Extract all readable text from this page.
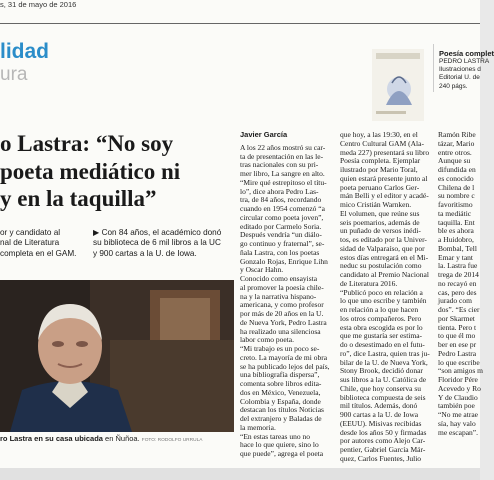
s, 31 de mayo de 2016
lidad
ura
Poesía complet
PEDRO LASTRA
Ilustraciones d
Editorial U. de
240 págs.
o Lastra: “No soy
poeta mediático ni
y en la taquilla”
or y candidato al
nal de Literatura
completa en el GAM.
▶ Con 84 años, el académico donó
su biblioteca de 6 mil libros a la UC
y 900 cartas a la U. de Iowa.
ro Lastra en su casa ubicada en Ñuñoa. FOTO: RODOLFO URRULA
Javier García
A los 22 años mostró su car-
ta de presentación en las le-
tras nacionales con su pri-
mer libro, La sangre en alto.
“Mire qué estrepitoso el títu-
lo”, dice ahora Pedro Las-
tra, de 84 años, recordando
cuando en 1954 comenzó “a
circular como poeta joven”,
editado por Carmelo Soria.
Después vendría “un diálo-
go continuo y fraternal”, se-
ñala Lastra, con los poetas
Gonzalo Rojas, Enrique Lihn
y Oscar Hahn.
Conocido como ensayista
al promover la poesía chile-
na y la narrativa hispano-
americana, y como profesor
por más de 20 años en la U.
de Nueva York, Pedro Lastra
ha realizado una silenciosa
labor como poeta.
“Mi trabajo es un poco se-
creto. La mayoría de mi obra
se ha publicado lejos del país,
una bibliografía dispersa”,
comenta sobre libros edita-
dos en México, Venezuela,
Colombia y España, donde
destacan los títulos Noticias
del extranjero y Baladas de
la memoria.
“En estas tareas uno no
hace lo que quiere, sino lo
que puede”, agrega el poeta
que hoy, a las 19:30, en el
Centro Cultural GAM (Ala-
meda 227) presentará su libro
Poesía completa. Ejemplar
ilustrado por Mario Toral,
quien estará presente junto al
poeta peruano Carlos Ger-
mán Belli y el editor y acadé-
mico Cristián Warnken.
El volumen, que reúne sus
seis poemarios, además de
un puñado de versos inédi-
tos, es editado por la Univer-
sidad de Valparaíso, que por
estos días entregará en el Mi-
neduc su postulación como
candidato al Premio Nacional
de Literatura 2016.
“Publicó poco en relación a
lo que uno escribe y también
en relación a lo que hacen
los otros compañeros. Pero
esta obra escogida es por lo
que me gustaría ser estima-
do o desestimado en el futu-
ro”, dice Lastra, quien tras ju-
bilar de la U. de Nueva York,
Stony Brook, decidió donar
sus libros a la U. Católica de
Chile, que hoy conserva su
biblioteca compuesta de seis
mil títulos. Además, donó
900 cartas a la U. de Iowa
(EEUU). Misivas recibidas
desde los años 50 y firmadas
por autores como Alejo Car-
pentier, Gabriel García Már-
quez, Carlos Fuentes, Julio
Ramón Ribe
tázar, Mario
entre otros.
Aunque su
difundida en
es conocido
Chilena de l
su nombre c
favoritismo
ta mediátic
taquilla. Ent
ble es ahora
a Huidobro,
Bombal, Tell
Emar y tant
la. Lastra fue
trega de 2014
no recayó en
cas, pero des
jurado com
dos”. “Es cier
por Skarmet
tienta. Pero t
to que él mo
ber en ese pr
Pedro Lastra
lo que escribe
“son amigos m
Floridor Pére
Acevedo y Ro
Y de Claudio
también poe
“No me atrae
sía, hay valo
me escapan”.
